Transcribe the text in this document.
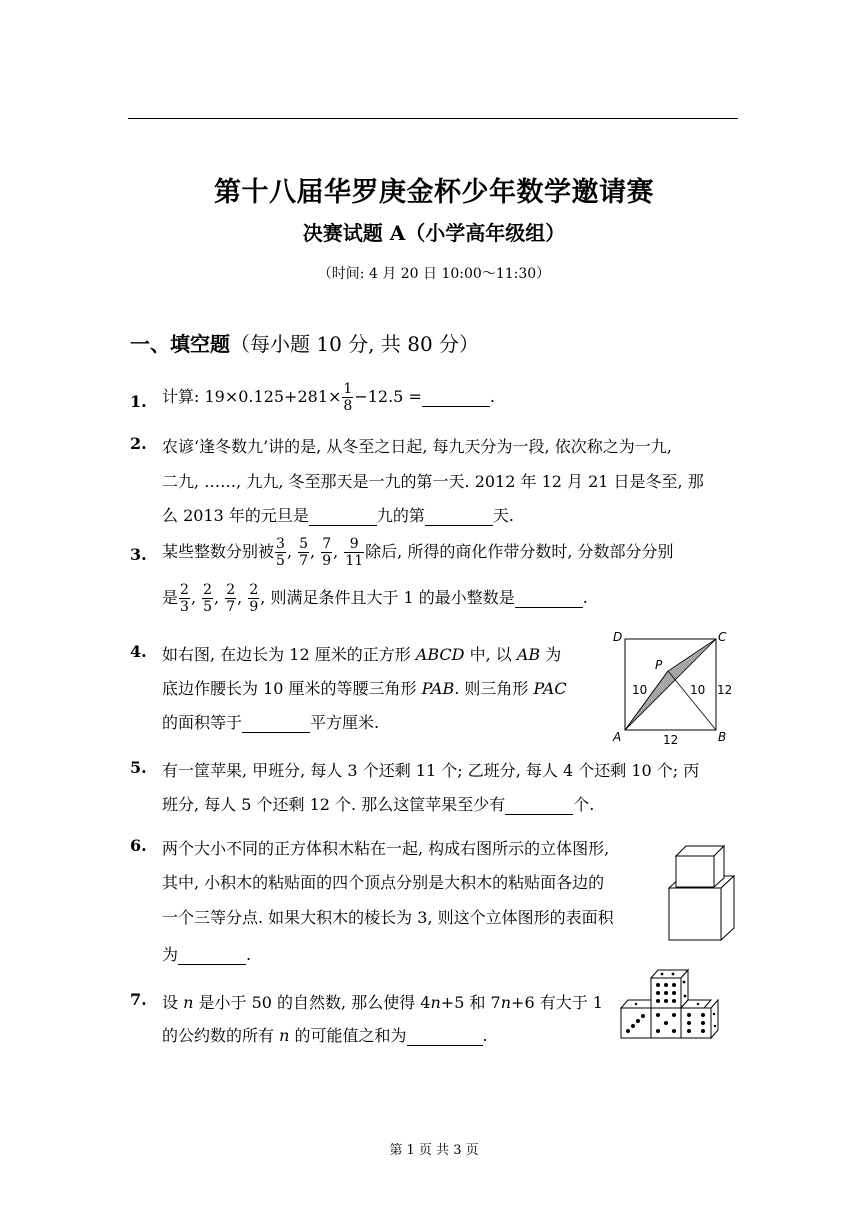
第十八届华罗庚金杯少年数学邀请赛
决赛试题 A（小学高年级组）
（时间: 4 月 20 日 10:00～11:30）
一、填空题（每小题 10 分, 共 80 分）
1. 计算: $19\times 0.125+281\times \frac{1}{8} -12.5$ =	.
2. 农谚‘逢冬数九’讲的是, 从冬至之日起, 每九天分为一段, 依次称之为一九,
二九, ……, 九九, 冬至那天是一九的第一天. 2012 年 12 月 21 日是冬至, 那
么 2013 年的元旦是	九的第	天.
3. 某些整数分别被 $\frac{3}{5}$ , $\frac{5}{7}$ , $\frac{7}{9}$ , $\frac{9}{11}$ 除后, 所得的商化作带分数时, 分数部分分别
是 $\frac{2}{3}$ , $\frac{2}{5}$ , $\frac{2}{7}$ , $\frac{2}{9}$ , 则满足条件且大于 1 的最小整数是	.
4. 如右图, 在边长为 12 厘米的正方形 ABCD 中, 以 AB 为
底边作腰长为 10 厘米的等腰三角形 PAB. 则三角形 PAC
的面积等于	平方厘米.
D	C
A	B
P
10	10 12
12
5. 有一筐苹果, 甲班分, 每人 3 个还剩 11 个; 乙班分, 每人 4 个还剩 10 个; 丙
班分, 每人 5 个还剩 12 个. 那么这筐苹果至少有	个.
6. 两个大小不同的正方体积木粘在一起, 构成右图所示的立体图形,
其中, 小积木的粘贴面的四个顶点分别是大积木的粘贴面各边的
一个三等分点. 如果大积木的棱长为 3, 则这个立体图形的表面积
为	.
7. 设 n 是小于 50 的自然数, 那么使得 4n+5 和 7n+6 有大于 1
的公约数的所有 n 的可能值之和为	.
第 1 页 共 3 页
